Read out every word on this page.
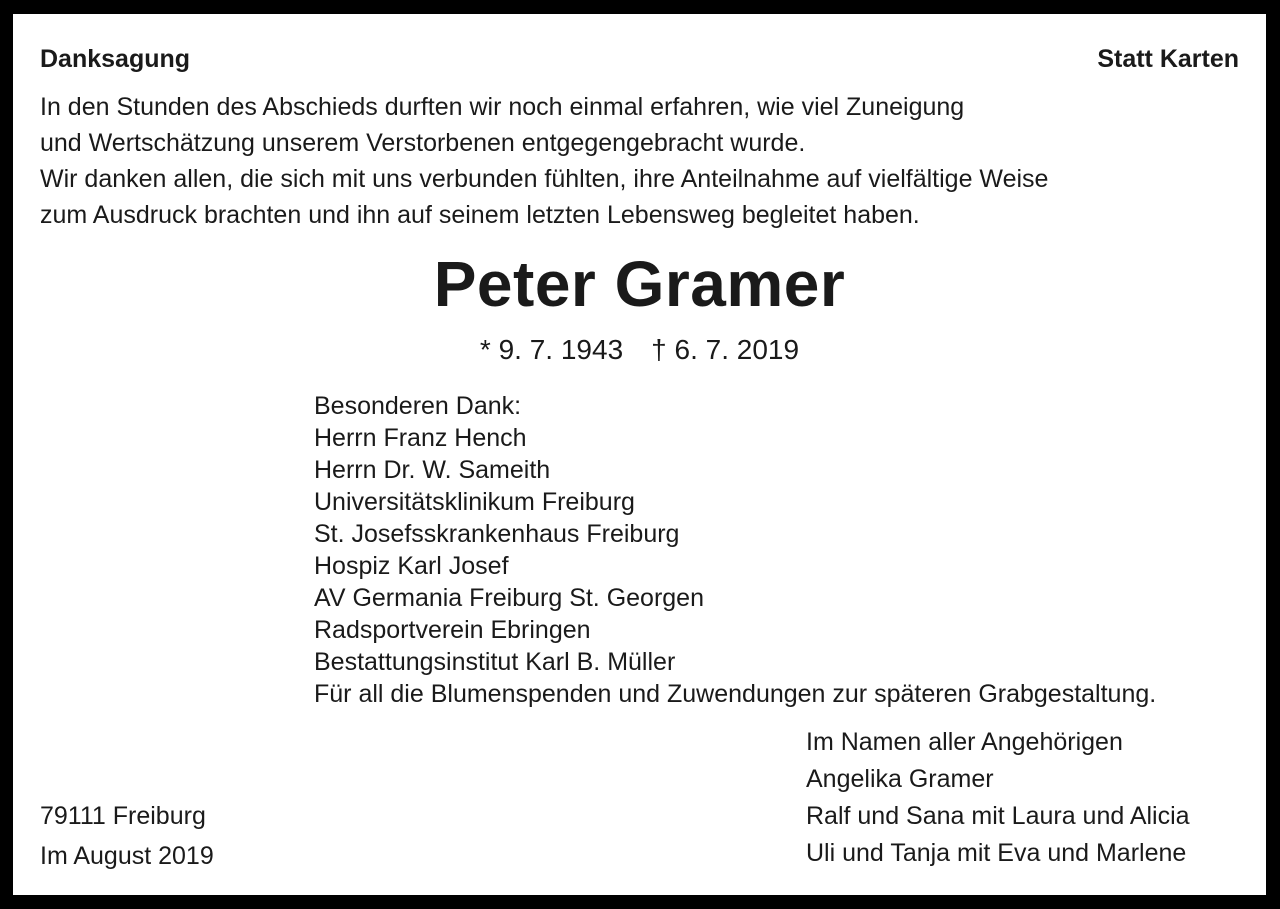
Danksagung	Statt Karten
In den Stunden des Abschieds durften wir noch einmal erfahren, wie viel Zuneigung
und Wertschätzung unserem Verstorbenen entgegengebracht wurde.
Wir danken allen, die sich mit uns verbunden fühlten, ihre Anteilnahme auf vielfältige Weise
zum Ausdruck brachten und ihn auf seinem letzten Lebensweg begleitet haben.
Peter Gramer
* 9. 7. 1943 † 6. 7. 2019
Besonderen Dank:
Herrn Franz Hench
Herrn Dr. W. Sameith
Universitätsklinikum Freiburg
St. Josefsskrankenhaus Freiburg
Hospiz Karl Josef
AV Germania Freiburg St. Georgen
Radsportverein Ebringen
Bestattungsinstitut Karl B. Müller
Für all die Blumenspenden und Zuwendungen zur späteren Grabgestaltung.
Im Namen aller Angehörigen
Angelika Gramer
Ralf und Sana mit Laura und Alicia
Uli und Tanja mit Eva und Marlene
79111 Freiburg
Im August 2019
